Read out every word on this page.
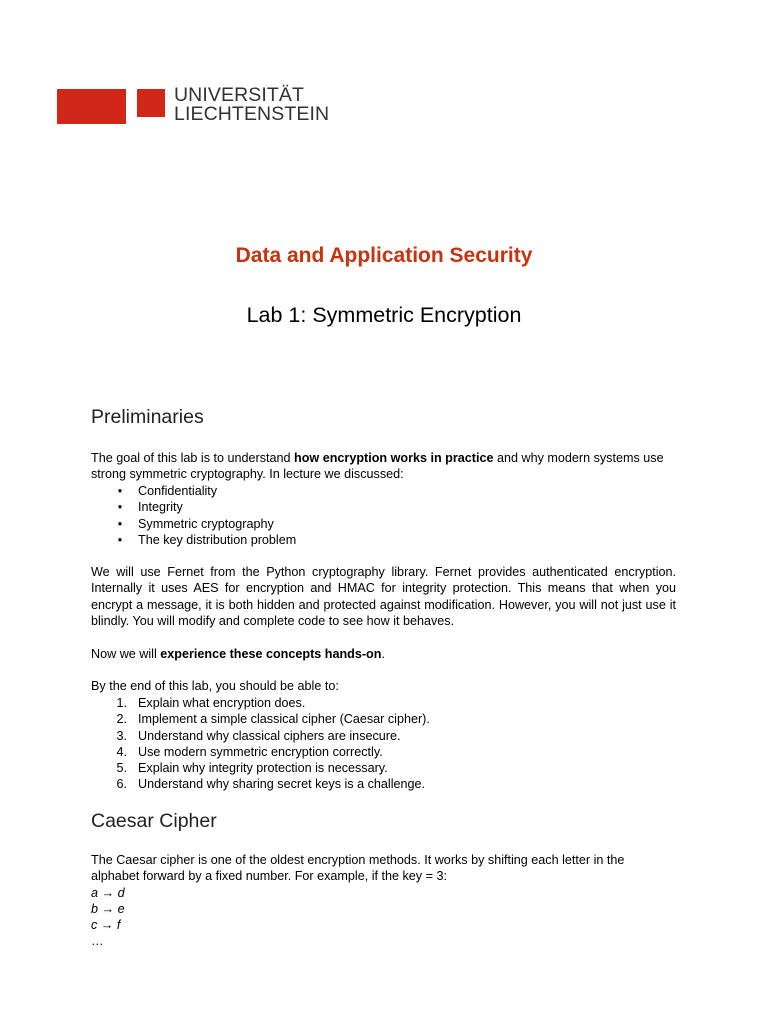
UNIVERSITÄT
LIECHTENSTEIN
Data and Application Security
Lab 1: Symmetric Encryption
Preliminaries
The goal of this lab is to understand how encryption works in practice and why modern systems use strong symmetric cryptography. In lecture we discussed:
•	Confidentiality
•	Integrity
•	Symmetric cryptography
•	The key distribution problem
We will use Fernet from the Python cryptography library. Fernet provides authenticated encryption. Internally it uses AES for encryption and HMAC for integrity protection. This means that when you encrypt a message, it is both hidden and protected against modification. However, you will not just use it blindly. You will modify and complete code to see how it behaves.
Now we will experience these concepts hands-on.
By the end of this lab, you should be able to:
1. Explain what encryption does.
2. Implement a simple classical cipher (Caesar cipher).
3. Understand why classical ciphers are insecure.
4. Use modern symmetric encryption correctly.
5. Explain why integrity protection is necessary.
6. Understand why sharing secret keys is a challenge.
Caesar Cipher
The Caesar cipher is one of the oldest encryption methods. It works by shifting each letter in the alphabet forward by a fixed number. For example, if the key = 3:
a → d
b → e
c → f
…
